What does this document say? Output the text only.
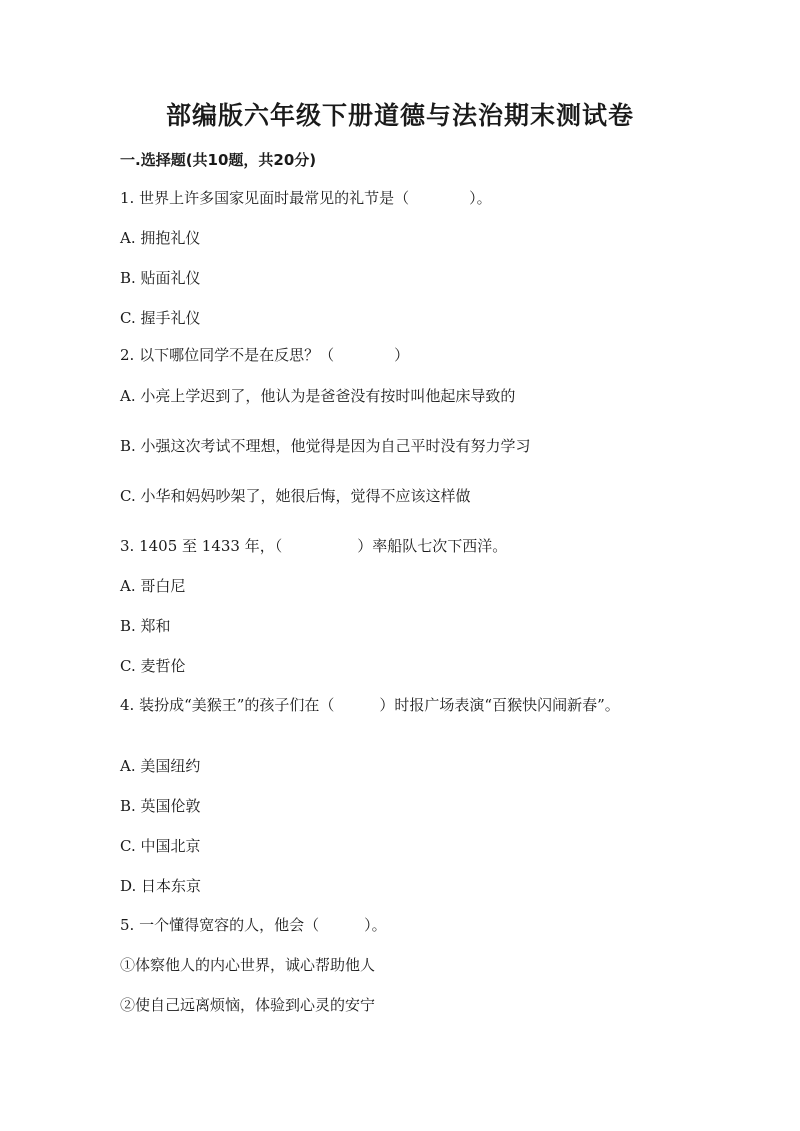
部编版六年级下册道德与法治期末测试卷
一.选择题(共10题，共20分)
1. 世界上许多国家见面时最常见的礼节是（　　　　）。
A. 拥抱礼仪
B. 贴面礼仪
C. 握手礼仪
2. 以下哪位同学不是在反思？（　　　　）
A. 小亮上学迟到了，他认为是爸爸没有按时叫他起床导致的
B. 小强这次考试不理想，他觉得是因为自己平时没有努力学习
C. 小华和妈妈吵架了，她很后悔，觉得不应该这样做
3. 1405 至 1433 年，（　　　　　）率船队七次下西洋。
A. 哥白尼
B. 郑和
C. 麦哲伦
4. 装扮成“美猴王”的孩子们在（　　　）时报广场表演“百猴快闪闹新春”。
A. 美国纽约
B. 英国伦敦
C. 中国北京
D. 日本东京
5. 一个懂得宽容的人，他会（　　　）。
①体察他人的内心世界，诚心帮助他人
②使自己远离烦恼，体验到心灵的安宁
